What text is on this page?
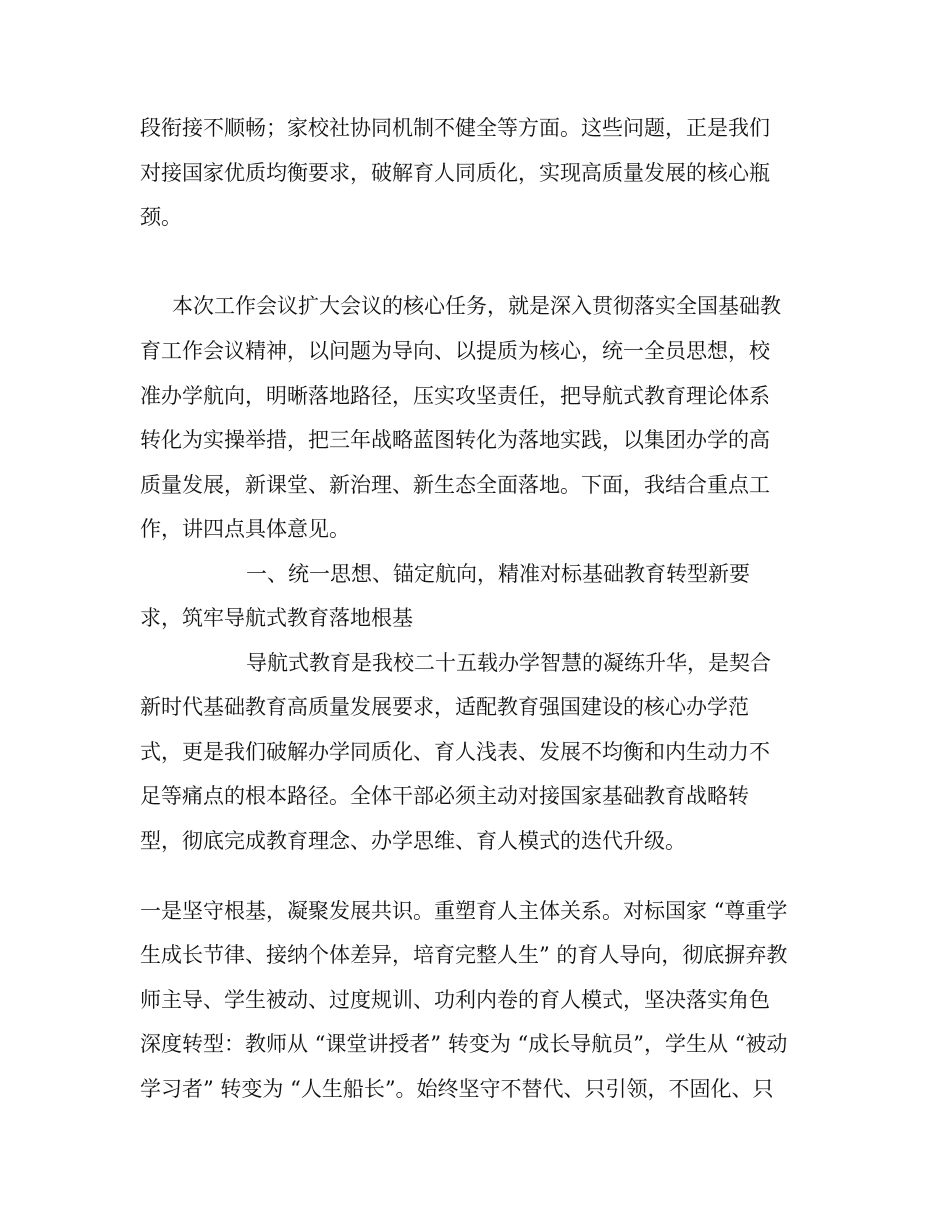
段衔接不顺畅；家校社协同机制不健全等方面。这些问题，正是我们
对接国家优质均衡要求，破解育人同质化，实现高质量发展的核心瓶
颈。
本次工作会议扩大会议的核心任务，就是深入贯彻落实全国基础教
育工作会议精神，以问题为导向、以提质为核心，统一全员思想，校
准办学航向，明晰落地路径，压实攻坚责任，把导航式教育理论体系
转化为实操举措，把三年战略蓝图转化为落地实践，以集团办学的高
质量发展，新课堂、新治理、新生态全面落地。下面，我结合重点工
作，讲四点具体意见。
一、统一思想、锚定航向，精准对标基础教育转型新要
求，筑牢导航式教育落地根基
导航式教育是我校二十五载办学智慧的凝练升华，是契合
新时代基础教育高质量发展要求，适配教育强国建设的核心办学范
式，更是我们破解办学同质化、育人浅表、发展不均衡和内生动力不
足等痛点的根本路径。全体干部必须主动对接国家基础教育战略转
型，彻底完成教育理念、办学思维、育人模式的迭代升级。
一是坚守根基，凝聚发展共识。重塑育人主体关系。对标国家 “尊重学
生成长节律、接纳个体差异，培育完整人生” 的育人导向，彻底摒弃教
师主导、学生被动、过度规训、功利内卷的育人模式，坚决落实角色
深度转型：教师从 “课堂讲授者” 转变为 “成长导航员”，学生从 “被动
学习者” 转变为 “人生船长”。始终坚守不替代、只引领，不固化、只
